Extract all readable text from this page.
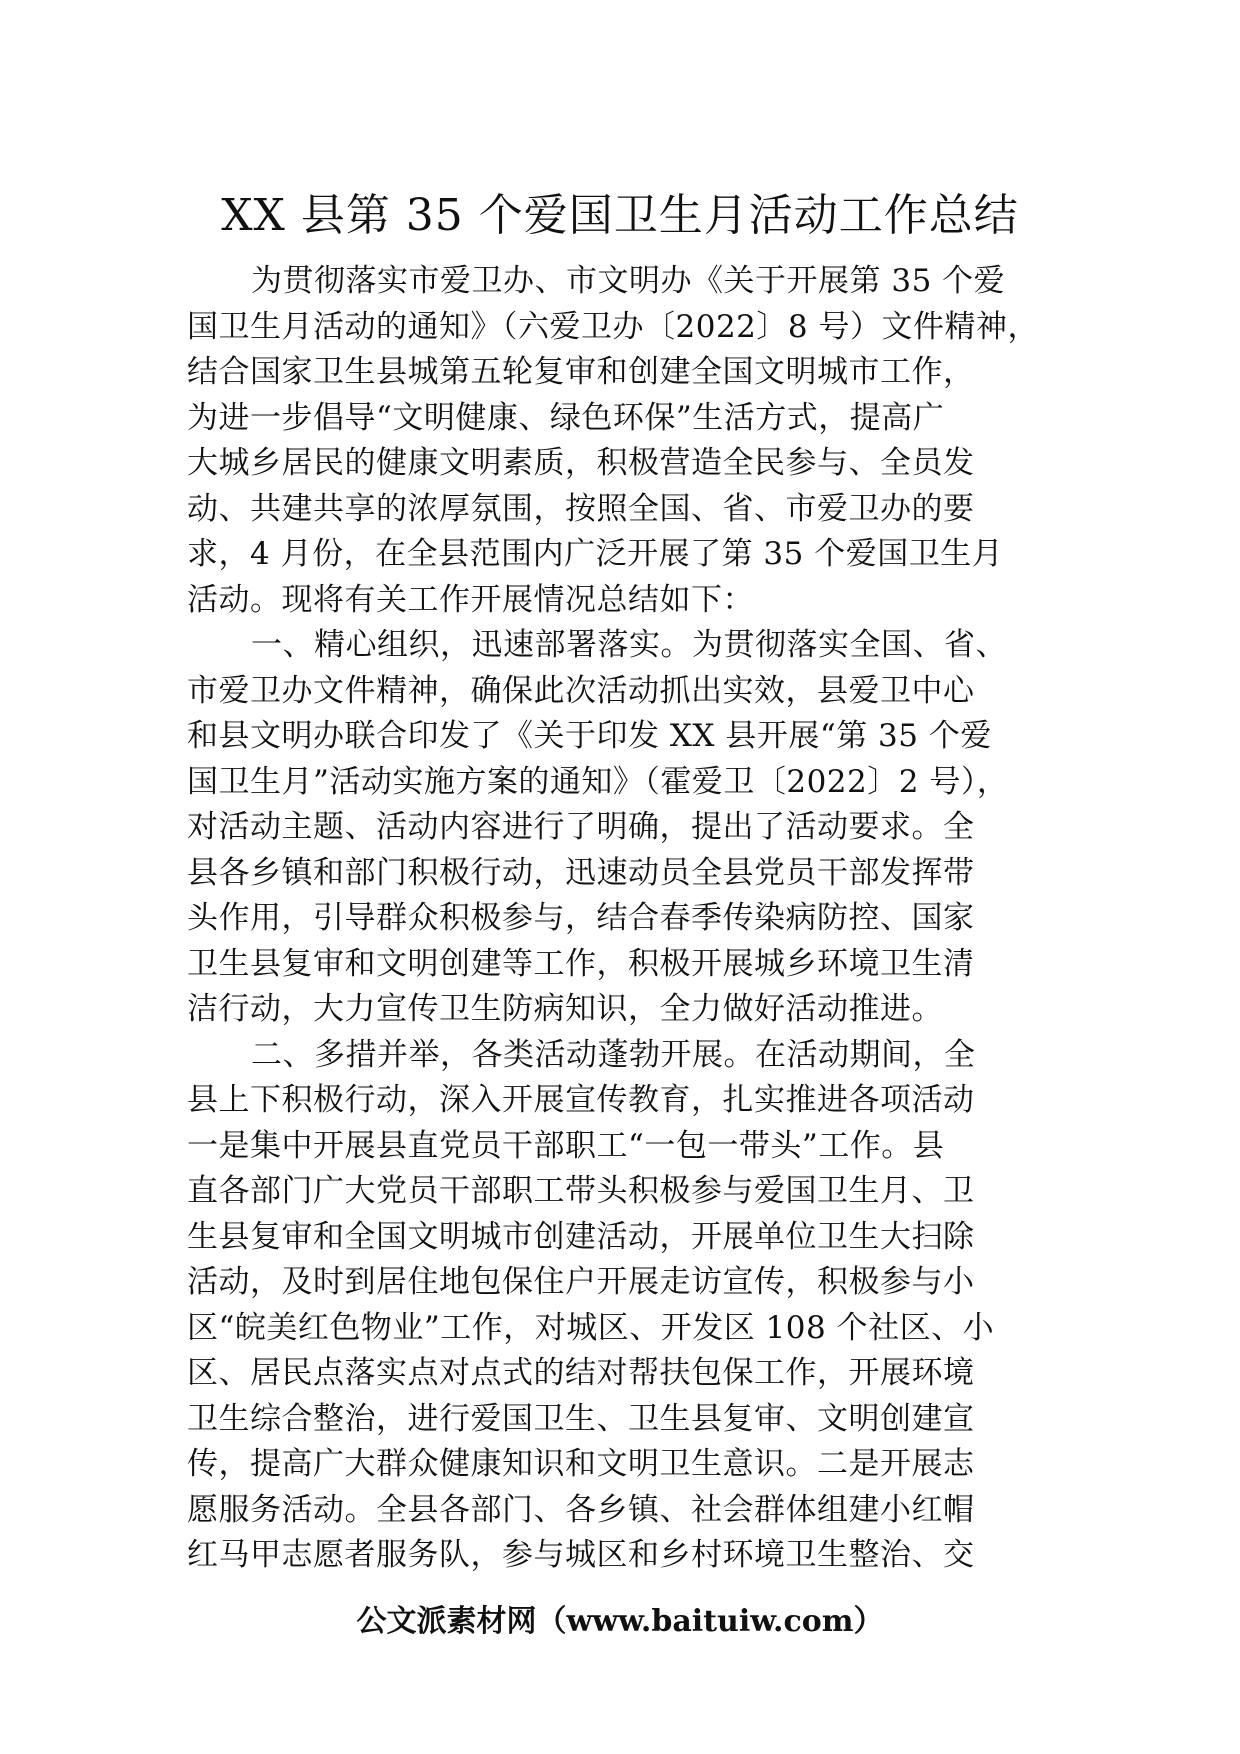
XX 县第 35 个爱国卫生月活动工作总结
为贯彻落实市爱卫办、市文明办《关于开展第 35 个爱
国卫生月活动的通知》（六爱卫办〔2022〕8 号）文件精神，
结合国家卫生县城第五轮复审和创建全国文明城市工作，
为进一步倡导“文明健康、绿色环保”生活方式，提高广
大城乡居民的健康文明素质，积极营造全民参与、全员发
动、共建共享的浓厚氛围，按照全国、省、市爱卫办的要
求，4 月份，在全县范围内广泛开展了第 35 个爱国卫生月
活动。现将有关工作开展情况总结如下：
一、精心组织，迅速部署落实。为贯彻落实全国、省、
市爱卫办文件精神，确保此次活动抓出实效，县爱卫中心
和县文明办联合印发了《关于印发 XX 县开展“第 35 个爱
国卫生月”活动实施方案的通知》（霍爱卫〔2022〕2 号），
对活动主题、活动内容进行了明确，提出了活动要求。全
县各乡镇和部门积极行动，迅速动员全县党员干部发挥带
头作用，引导群众积极参与，结合春季传染病防控、国家
卫生县复审和文明创建等工作，积极开展城乡环境卫生清
洁行动，大力宣传卫生防病知识，全力做好活动推进。
二、多措并举，各类活动蓬勃开展。在活动期间，全
县上下积极行动，深入开展宣传教育，扎实推进各项活动
一是集中开展县直党员干部职工“一包一带头”工作。县
直各部门广大党员干部职工带头积极参与爱国卫生月、卫
生县复审和全国文明城市创建活动，开展单位卫生大扫除
活动，及时到居住地包保住户开展走访宣传，积极参与小
区“皖美红色物业”工作，对城区、开发区 108 个社区、小
区、居民点落实点对点式的结对帮扶包保工作，开展环境
卫生综合整治，进行爱国卫生、卫生县复审、文明创建宣
传，提高广大群众健康知识和文明卫生意识。二是开展志
愿服务活动。全县各部门、各乡镇、社会群体组建小红帽
红马甲志愿者服务队，参与城区和乡村环境卫生整治、交
公文派素材网（www.baituiw.com）
